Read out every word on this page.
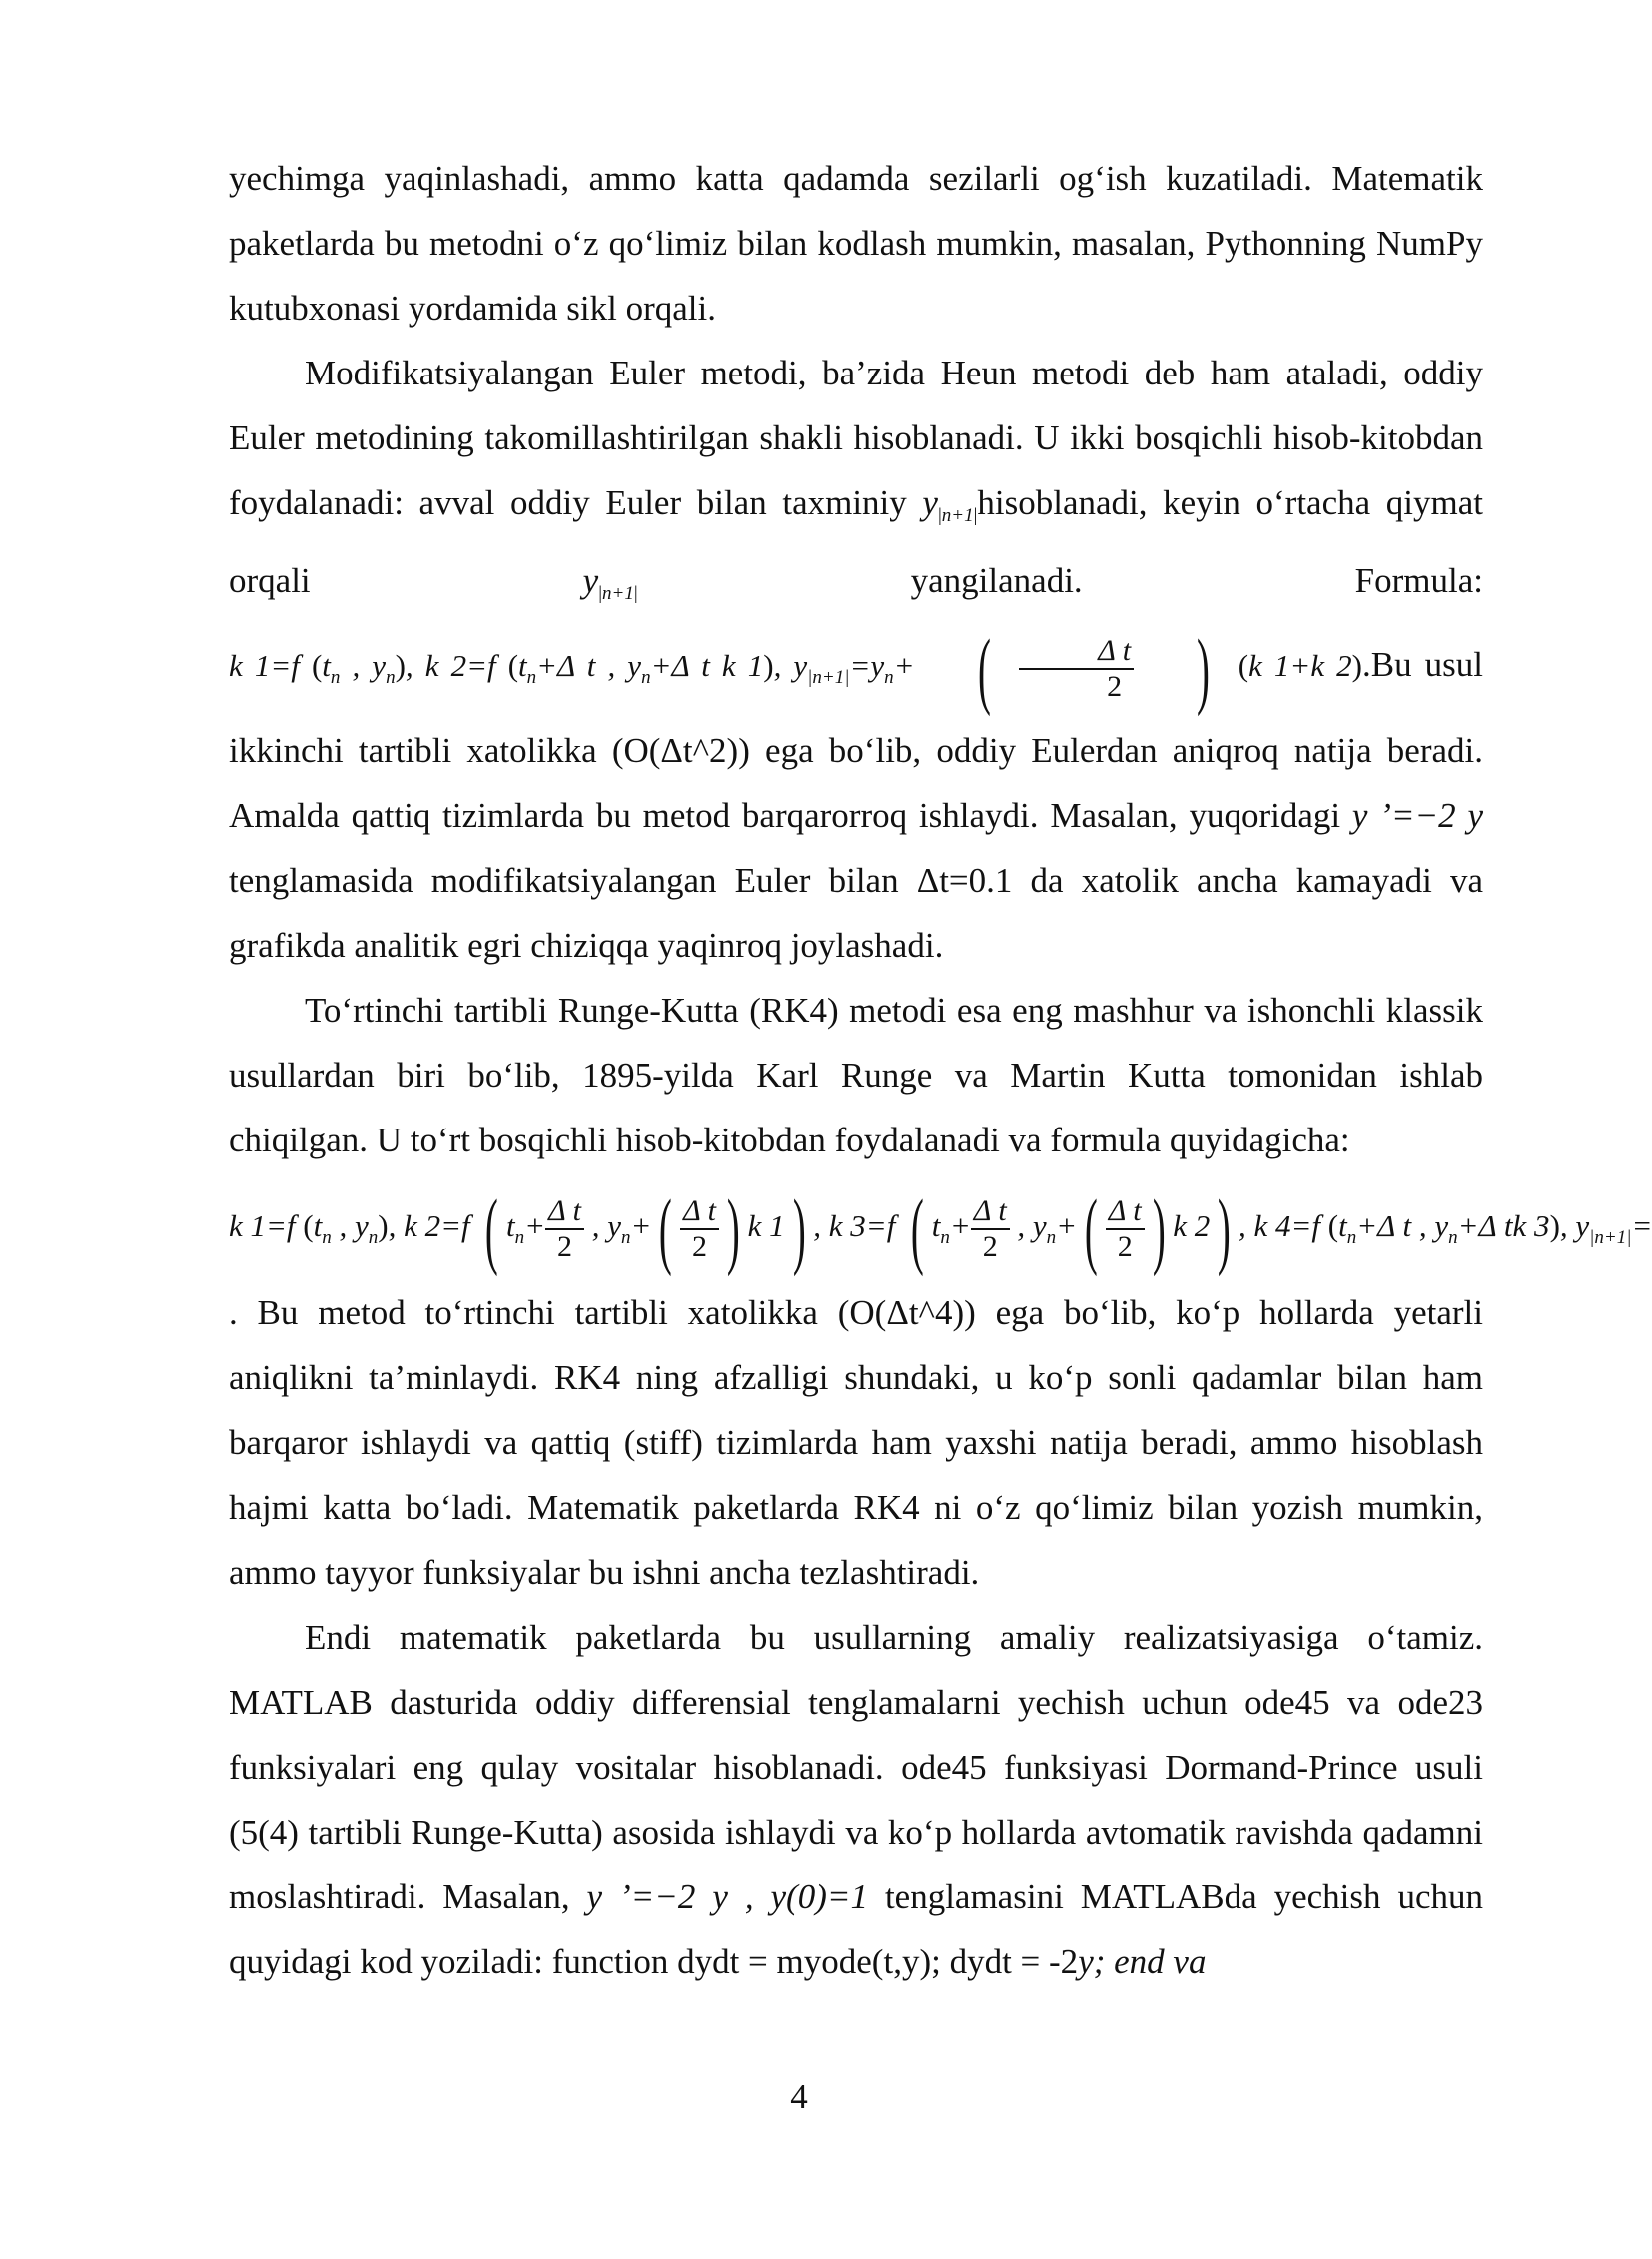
yechimga yaqinlashadi, ammo katta qadamda sezilarli og‘ish kuzatiladi. Matematik paketlarda bu metodni o‘z qo‘limiz bilan kodlash mumkin, masalan, Pythonning NumPy kutubxonasi yordamida sikl orqali.

Modifikatsiyalangan Euler metodi, ba’zida Heun metodi deb ham ataladi, oddiy Euler metodining takomillashtirilgan shakli hisoblanadi. U ikki bosqichli hisob-kitobdan foydalanadi: avval oddiy Euler bilan taxminiy $y_{|n+1|}hisoblanadi$, keyin o‘rtacha qiymat orqali $y_{|n+1|}$ yangilanadi. Formula: k 1=f ($t_n$ , $y_n$), k 2=f ($t_n+\Delta$ t , $y_n+\Delta$ t k 1), $y_{|n+1|}=y_n+$ ( $\frac{\text{Δ t}}{2}$ ) (k 1+k 2).Bu usul ikkinchi tartibli xatolikka (O(Δt^2)) ega bo‘lib, oddiy Eulerdan aniqroq natija beradi. Amalda qattiq tizimlarda bu metod barqarorroq ishlaydi. Masalan, yuqoridagi y ’=−2 y tenglamasida modifikatsiyalangan Euler bilan Δt=0.1 da xatolik ancha kamayadi va grafikda analitik egri chiziqqa yaqinroq joylashadi.

To‘rtinchi tartibli Runge-Kutta (RK4) metodi esa eng mashhur va ishonchli klassik usullardan biri bo‘lib, 1895-yilda Karl Runge va Martin Kutta tomonidan ishlab chiqilgan. U to‘rt bosqichli hisob-kitobdan foydalanadi va formula quyidagicha:

k 1=f ($t_n$ , $y_n$), k 2=f ( $t_n+ \frac{\text{Δ t}}{2}$ , $y_n+( \frac{\text{Δ t}}{2}$ ) k 1) , k 3=f ( $t_n+ \frac{\text{Δ t}}{2}$ , $y_n+( \frac{\text{Δ t}}{2}$ ) k 2) , k 4=f ($t_n+\Delta$ t , $y_n+\Delta$ tk 3), $y_{|n+1|}=$

. Bu metod to‘rtinchi tartibli xatolikka (O(Δt^4)) ega bo‘lib, ko‘p hollarda yetarli aniqlikni ta’minlaydi. RK4 ning afzalligi shundaki, u ko‘p sonli qadamlar bilan ham barqaror ishlaydi va qattiq (stiff) tizimlarda ham yaxshi natija beradi, ammo hisoblash hajmi katta bo‘ladi. Matematik paketlarda RK4 ni o‘z qo‘limiz bilan yozish mumkin, ammo tayyor funksiyalar bu ishni ancha tezlashtiradi.

Endi matematik paketlarda bu usullarning amaliy realizatsiyasiga o‘tamiz. MATLAB dasturida oddiy differensial tenglamalarni yechish uchun ode45 va ode23 funksiyalari eng qulay vositalar hisoblanadi. ode45 funksiyasi Dormand-Prince usuli (5(4) tartibli Runge-Kutta) asosida ishlaydi va ko‘p hollarda avtomatik ravishda qadamni moslashtiradi. Masalan, y ’=−2 y , y(0)=1 tenglamasini MATLABda yechish uchun quyidagi kod yoziladi: function dydt = myode(t,y); dydt = -2y; end va

4
